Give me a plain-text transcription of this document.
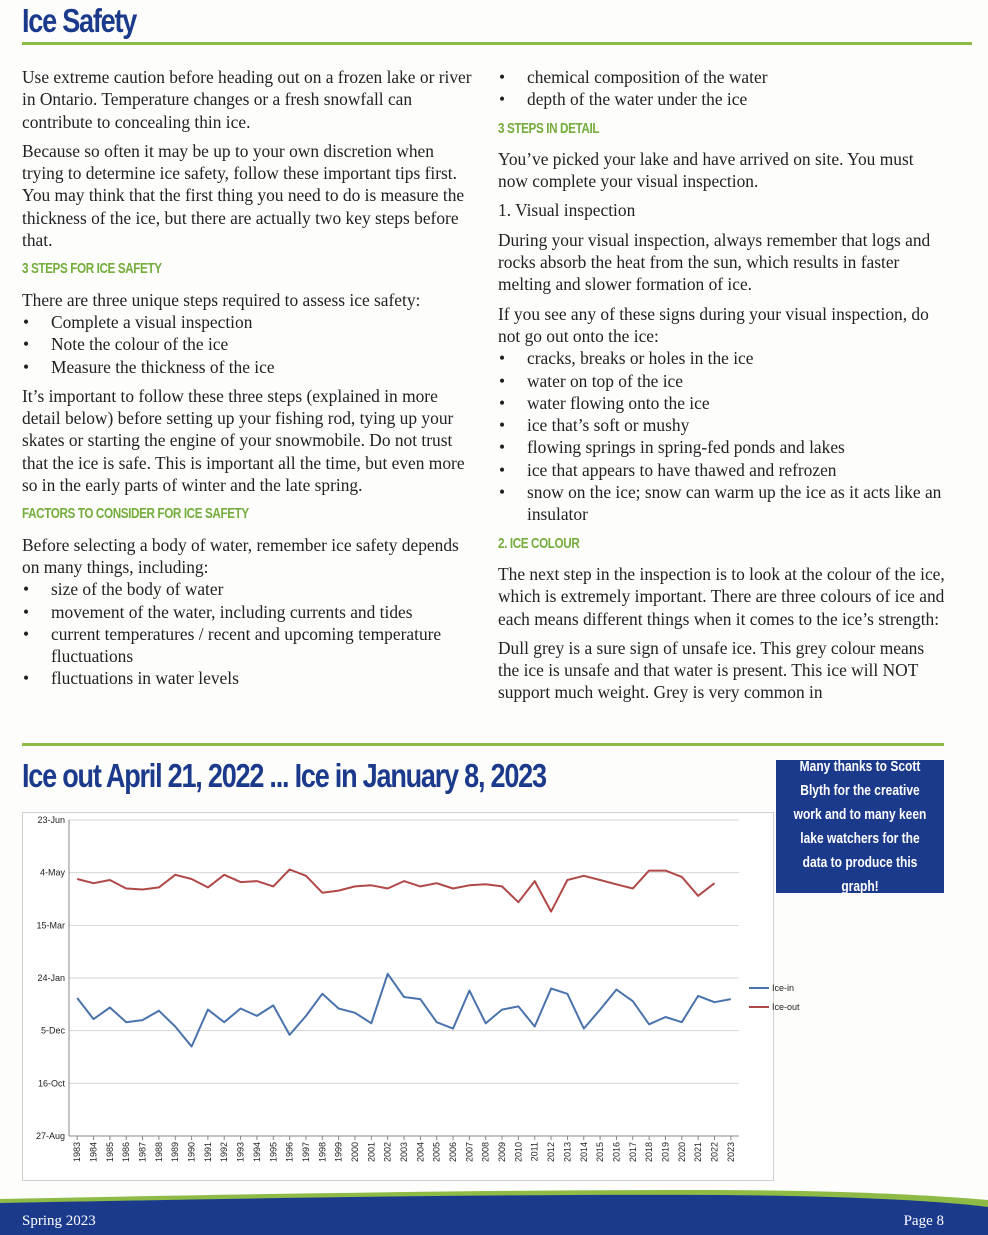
Ice Safety

Use extreme caution before heading out on a frozen lake or river in Ontario. Temperature changes or a fresh snowfall can contribute to concealing thin ice.

Because so often it may be up to your own discretion when trying to determine ice safety, follow these important tips first. You may think that the first thing you need to do is measure the thickness of the ice, but there are actually two key steps before that.

3 STEPS FOR ICE SAFETY

There are three unique steps required to assess ice safety:

• Complete a visual inspection
• Note the colour of the ice
• Measure the thickness of the ice

It’s important to follow these three steps (explained in more detail below) before setting up your fishing rod, tying up your skates or starting the engine of your snowmobile. Do not trust that the ice is safe. This is important all the time, but even more so in the early parts of winter and the late spring.

FACTORS TO CONSIDER FOR ICE SAFETY

Before selecting a body of water, remember ice safety depends on many things, including:

• size of the body of water
• movement of the water, including currents and tides
• current temperatures / recent and upcoming temperature fluctuations
• fluctuations in water levels
• chemical composition of the water
• depth of the water under the ice
3 STEPS IN DETAIL

You’ve picked your lake and have arrived on site. You must now complete your visual inspection.

1. Visual inspection

During your visual inspection, always remember that logs and rocks absorb the heat from the sun, which results in faster melting and slower formation of ice.

If you see any of these signs during your visual inspection, do not go out onto the ice:

• cracks, breaks or holes in the ice
• water on top of the ice
• water flowing onto the ice
• ice that’s soft or mushy
• flowing springs in spring-fed ponds and lakes
• ice that appears to have thawed and refrozen
• snow on the ice; snow can warm up the ice as it acts like an insulator
2. ICE COLOUR

The next step in the inspection is to look at the colour of the ice, which is extremely important. There are three colours of ice and each means different things when it comes to the ice’s strength:

Dull grey is a sure sign of unsafe ice. This grey colour means the ice is unsafe and that water is present. This ice will NOT support much weight. Grey is very common in

Ice out April 21, 2022 ... Ice in January 8, 2023	Many thanks to Scott Blyth for the creative work and to many keen lake watchers for the data to produce this graph!
27-Aug
16-Oct
5-Dec
24-Jan
15-Mar
4-May
23-Jun
1983 1984 1985 1986 1987 1988 1989 1990 1991 1992 1993 1994 1995 1996 1997 1998 1999 2000 2001 2002 2003 2004 2005 2006 2007 2008 2009 2010 2011 2012 2013 2014 2015 2016 2017 2018 2019 2020 2021 2022 2023
Ice-in
Ice-out
Spring 2023	Page 8
